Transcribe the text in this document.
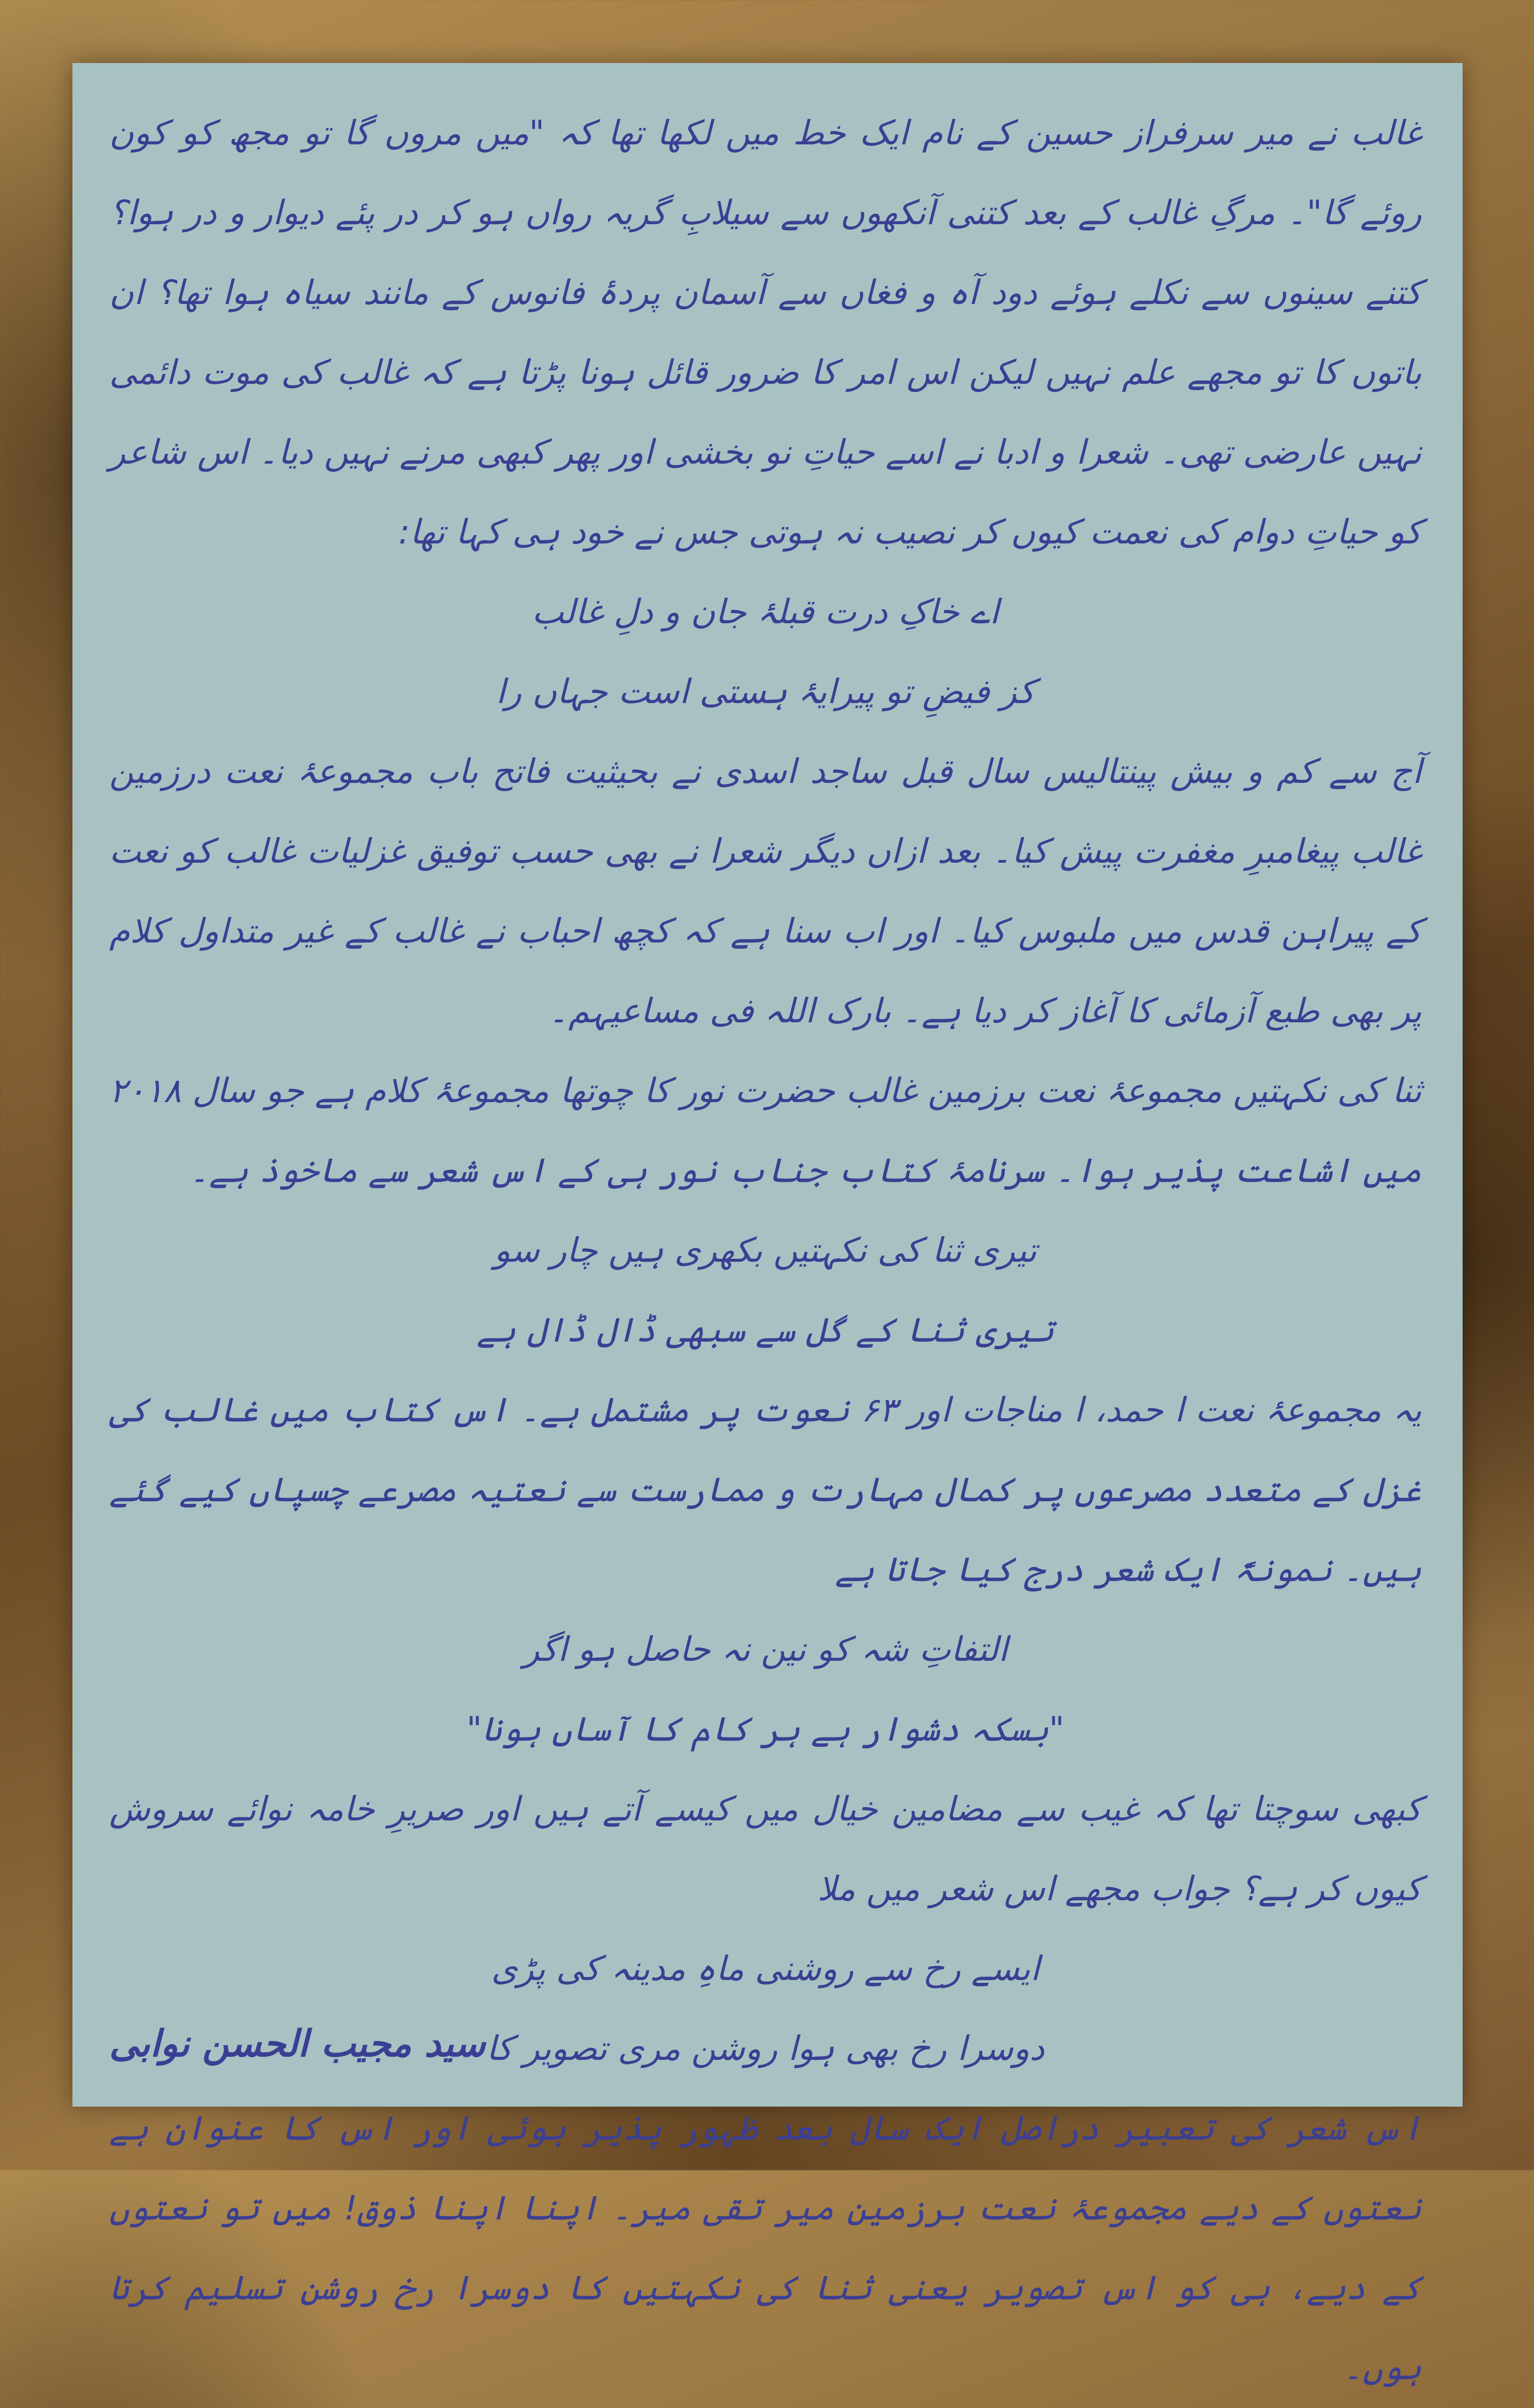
غالب نے میر سرفراز حسین کے نام ایک خط میں لکھا تھا کہ "میں مروں گا تو مجھ کو کون روئے گا"۔ مرگِ غالب کے بعد کتنی آنکھوں سے سیلابِ گریہ رواں ہو کر در پئے دیوار و در ہوا؟ کتنے سینوں سے نکلے ہوئے دود آہ و فغاں سے آسمان پردۂ فانوس کے مانند سیاہ ہوا تھا؟ ان باتوں کا تو مجھے علم نہیں لیکن اس امر کا ضرور قائل ہونا پڑتا ہے کہ غالب کی موت دائمی نہیں عارضی تھی۔ شعرا و ادبا نے اسے حیاتِ نو بخشی اور پھر کبھی مرنے نہیں دیا۔ اس شاعر کو حیاتِ دوام کی نعمت کیوں کر نصیب نہ ہوتی جس نے خود ہی کہا تھا:

اے خاکِ درت قبلۂ جان و دلِ غالب

کز فیضِ تو پیرایۂ ہستی است جہاں را

آج سے کم و بیش پینتالیس سال قبل ساجد اسدی نے بحیثیت فاتح باب مجموعۂ نعت درزمین غالب پیغامبرِ مغفرت پیش کیا۔ بعد ازاں دیگر شعرا نے بھی حسب توفیق غزلیات غالب کو نعت کے پیراہن قدس میں ملبوس کیا۔ اور اب سنا ہے کہ کچھ احباب نے غالب کے غیر متداول کلام پر بھی طبع آزمائی کا آغاز کر دیا ہے۔ بارک اللہ فی مساعیہم۔

ثنا کی نکہتیں مجموعۂ نعت برزمین غالب حضرت نور کا چوتھا مجموعۂ کلام ہے جو سال ۲۰۱۸ میں اشاعت پذیر ہوا۔ سرنامۂ کتاب جناب نور ہی کے اس شعر سے ماخوذ ہے۔

تیری ثنا کی نکہتیں بکھری ہیں چار سو

تیری ثنا کے گل سے سبھی ڈال ڈال ہے

یہ مجموعۂ نعت ا حمد، ا مناجات اور ۶۳ نعوت پر مشتمل ہے۔ اس کتاب میں غالب کی غزل کے متعدد مصرعوں پر کمال مہارت و ممارست سے نعتیہ مصرعے چسپاں کیے گئے ہیں۔ نمونۃً ایک شعر درج کیا جاتا ہے

التفاتِ شہ کو نین نہ حاصل ہو اگر

"بسکہ دشوار ہے ہر کام کا آساں ہونا"

کبھی سوچتا تھا کہ غیب سے مضامین خیال میں کیسے آتے ہیں اور صریرِ خامہ نوائے سروش کیوں کر ہے؟ جواب مجھے اس شعر میں ملا

ایسے رخ سے روشنی ماہِ مدینہ کی پڑی

دوسرا رخ بھی ہوا روشن مری تصویر کا

اس شعر کی تعبیر دراصل ایک سال بعد ظہور پذیر ہوئی اور اس کا عنوان ہے نعتوں کے دیے مجموعۂ نعت برزمین میر تقی میر۔ اپنا اپنا ذوق! میں تو نعتوں کے دیے، ہی کو اس تصویر یعنی ثنا کی نکہتیں کا دوسرا رخ روشن تسلیم کرتا ہوں۔

سید مجیب الحسن نوابی
